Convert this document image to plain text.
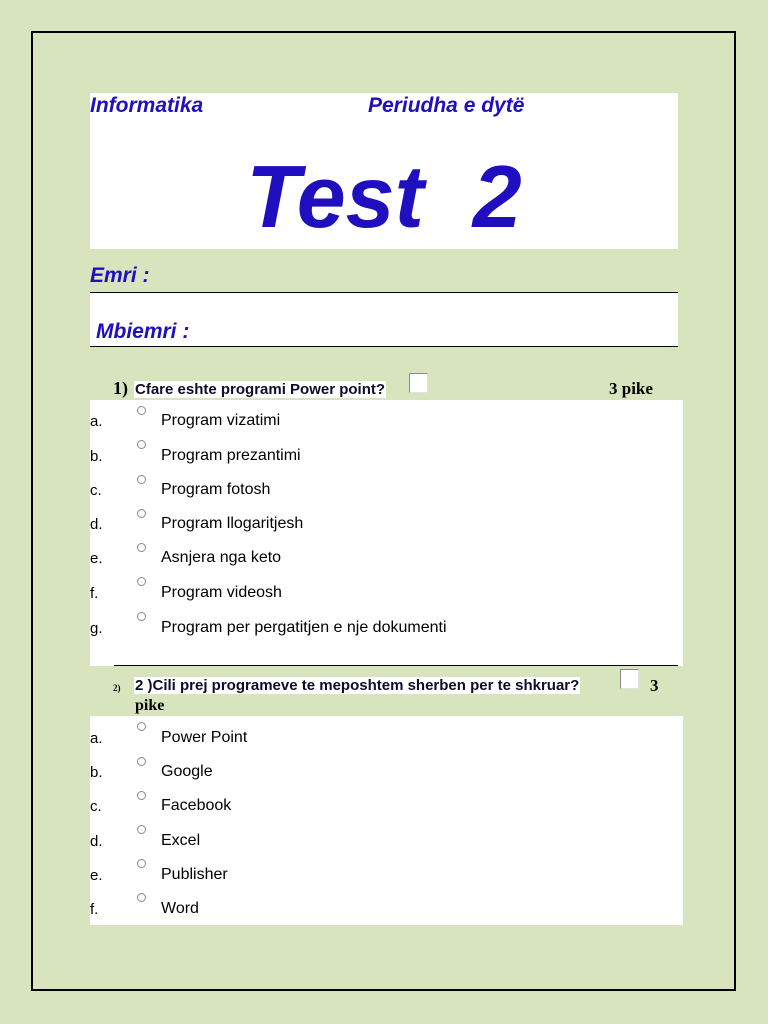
Informatika	Periudha e dytë
Test  2
Emri :
Mbiemri :
1) Cfare eshte programi Power point?	3 pike
a.	Program vizatimi
b.	Program prezantimi
c.	Program fotosh
d.	Program llogaritjesh
e.	Asnjera nga keto
f.	Program videosh
g.	Program per pergatitjen e nje dokumenti
2) 2 )Cili prej programeve te meposhtem sherben per te shkruar?	3
pike
a.	Power Point
b.	Google
c.	Facebook
d.	Excel
e.	Publisher
f.	Word
